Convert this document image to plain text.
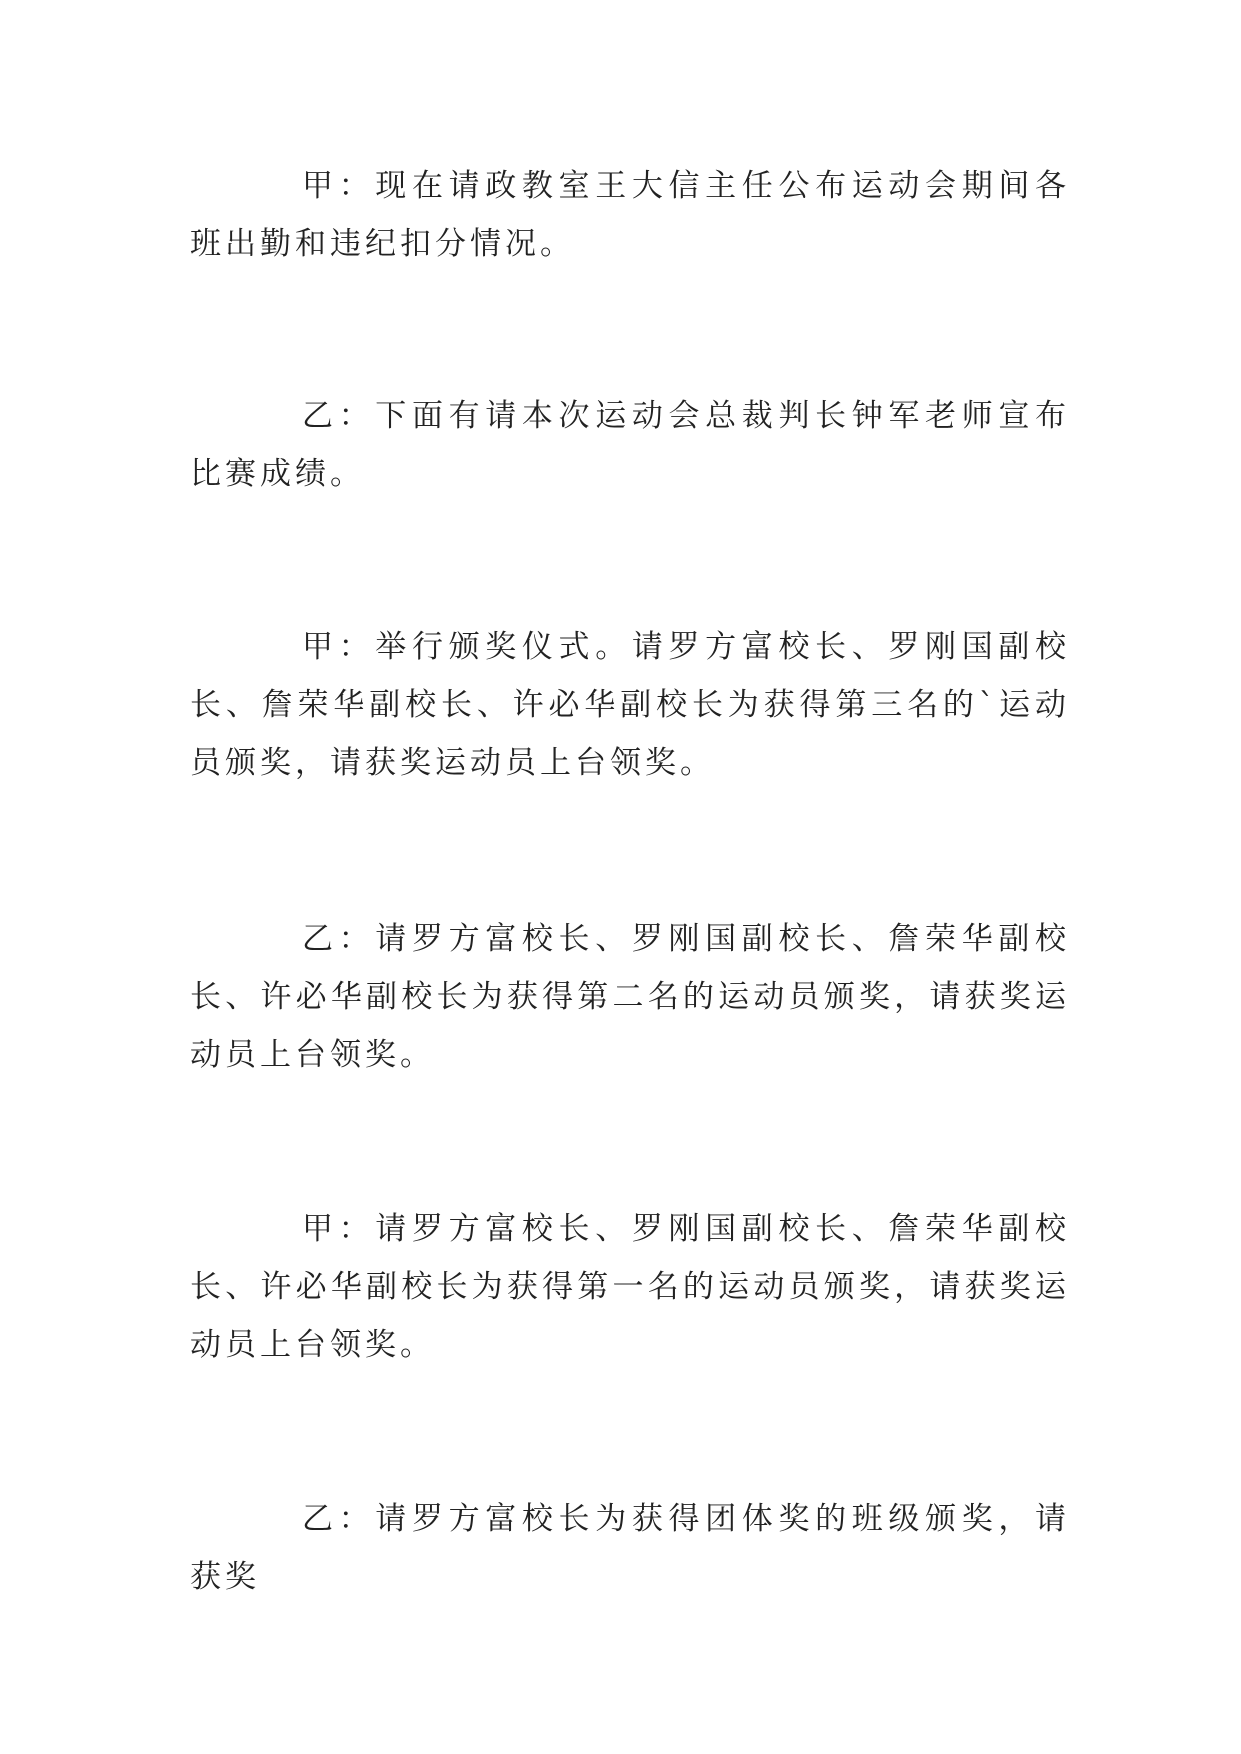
甲：现在请政教室王大信主任公布运动会期间各班出勤和违纪扣分情况。

乙：下面有请本次运动会总裁判长钟军老师宣布比赛成绩。

甲：举行颁奖仪式。请罗方富校长、罗刚国副校长、詹荣华副校长、许必华副校长为获得第三名的`运动员颁奖，请获奖运动员上台领奖。

乙：请罗方富校长、罗刚国副校长、詹荣华副校长、许必华副校长为获得第二名的运动员颁奖，请获奖运动员上台领奖。

甲：请罗方富校长、罗刚国副校长、詹荣华副校长、许必华副校长为获得第一名的运动员颁奖，请获奖运动员上台领奖。

乙：请罗方富校长为获得团体奖的班级颁奖，请获奖
